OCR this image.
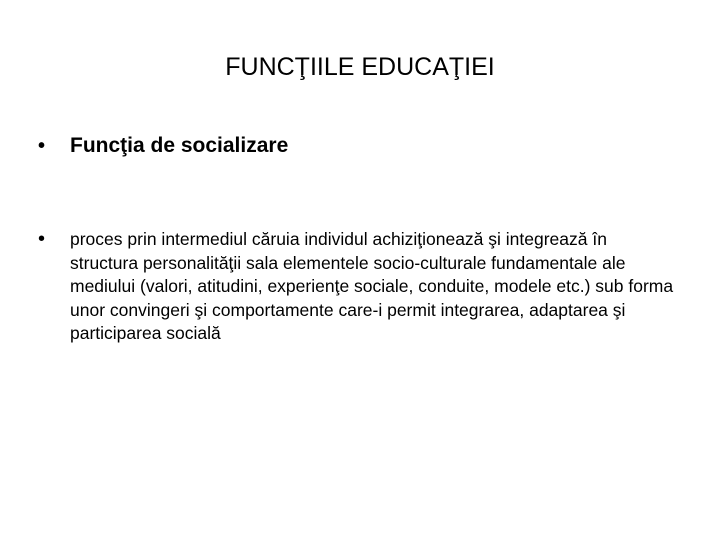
FUNCŢIILE EDUCAŢIEI
•	Funcţia de socializare
•	proces prin intermediul căruia individul achiziţionează şi integrează în structura personalităţii sala elementele socio-culturale fundamentale ale mediului (valori, atitudini, experienţe sociale, conduite, modele etc.) sub forma unor convingeri şi comportamente care-i permit integrarea, adaptarea şi participarea socială
